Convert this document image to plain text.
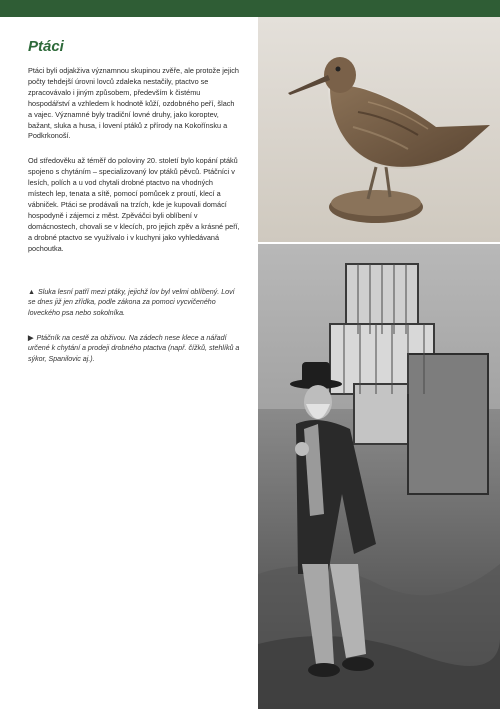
Ptáci

Ptáci byli odjakživa významnou skupinou zvěře, ale protože jejich počty tehdejší úrovni lovců zdaleka nestačily, ptactvo se zpracovávalo i jiným způsobem, především k čistému hospodářství a vzhledem k hodnotě kůží, ozdobného peří, šlach a vajec. Významné byly tradiční lovné druhy, jako koroptev, bažant, sluka a husa, i lovení ptáků z přírody na Kokořínsku a Podkrkonoší.

Od středověku až téměř do poloviny 20. století bylo kopání ptáků spojeno s chytáním – specializovaný lov ptáků pěvců. Ptáčníci v lesích, polích a u vod chytali drobné ptactvo na vhodných místech lep, tenata a sítě, pomocí pomůcek z proutí, klecí a vábniček. Ptáci se prodávali na trzích, kde je kupovali domácí hospodyně i zájemci z měst. Zpěváčci byli oblíbení v domácnostech, chovali se v klecích, pro jejich zpěv a krásné peří, a drobné ptactvo se využívalo i v kuchyni jako vyhledávaná pochoutka.

▲ Sluka lesní patří mezi ptáky, jejichž lov byl velmi oblíbený. Loví se dnes již jen zřídka, podle zákona za pomoci vycvičeného loveckého psa nebo sokolníka.

▶ Ptáčník na cestě za obživou. Na zádech nese klece a nářadí určené k chytání a prodeji drobného ptactva (např. čížků, stehlíků a sýkor, Spanilovic aj.).
